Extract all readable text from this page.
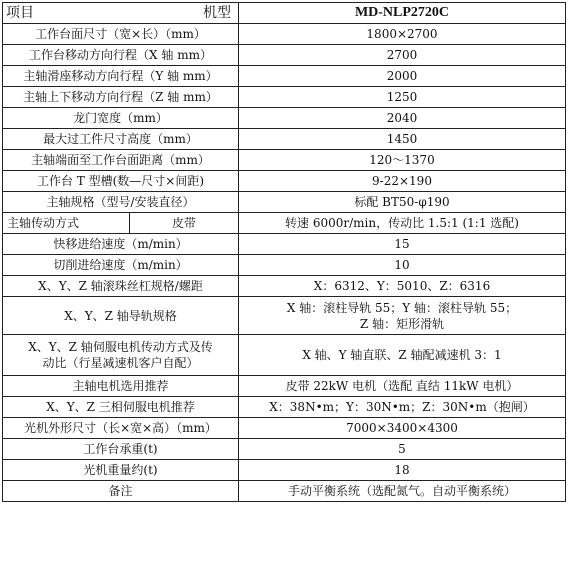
项目 机型		MD-NLP2720C
工作台面尺寸（宽×长）（mm）		1800×2700
工作台移动方向行程（X 轴 mm）		2700
主轴滑座移动方向行程（Y 轴 mm）		2000
主轴上下移动方向行程（Z 轴 mm）		1250
龙门宽度（mm）		2040
最大过工件尺寸高度（mm）		1450
主轴端面至工作台面距离（mm）		120～1370
工作台 T 型槽(数—尺寸×间距)		9-22×190
主轴规格（型号/安装直径）		标配 BT50-φ190
主轴传动方式	皮带	转速 6000r/min，传动比 1.5:1 (1:1 选配)
快移进给速度（m/min）		15
切削进给速度（m/min）		10
X、Y、Z 轴滚珠丝杠规格/螺距		X：6312、Y：5010、Z：6316
X、Y、Z 轴导轨规格		X 轴：滚柱导轨 55；Y 轴：滚柱导轨 55；
Z 轴：矩形滑轨

X、Y、Z 轴伺服电机传动方式及传
动比（行星减速机客户自配）		X 轴、Y 轴直联、Z 轴配减速机 3：1
主轴电机选用推荐		皮带 22kW 电机（选配 直结 11kW 电机）
X、Y、Z 三相伺服电机推荐		X：38N•m；Y：30N•m；Z：30N•m（抱闸）
光机外形尺寸（长×宽×高）（mm）		7000×3400×4300
工作台承重(t)		5
光机重量约(t)		18
备注		手动平衡系统（选配氮气。自动平衡系统）
